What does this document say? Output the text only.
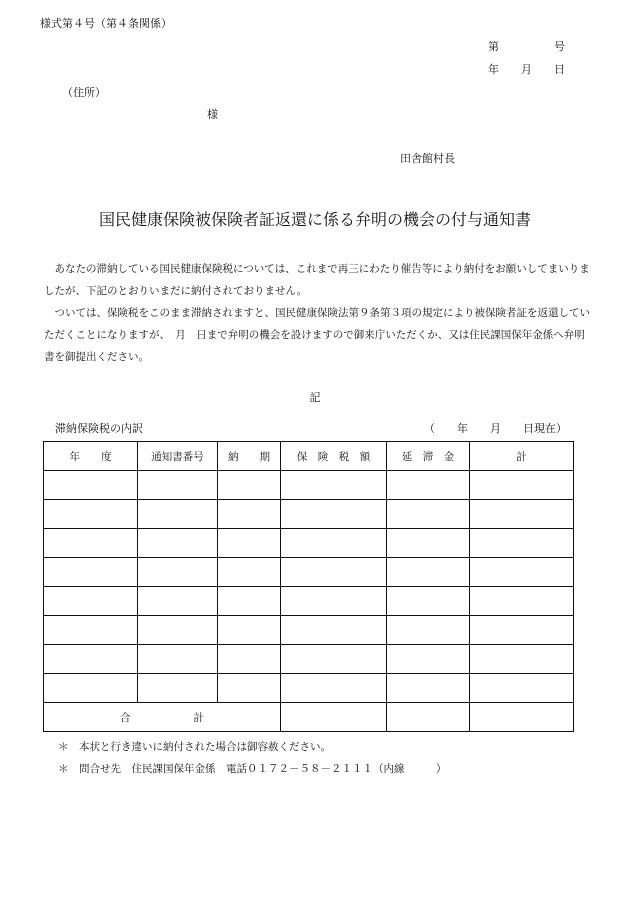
様式第４号（第４条関係）
第　　　　　号
年　　月　　日
（住所）
様
田舎館村長
国民健康保険被保険者証返還に係る弁明の機会の付与通知書
あなたの滞納している国民健康保険税については、これまで再三にわたり催告等により納付をお願いしてまいりましたが、下記のとおりいまだに納付されておりません。
ついては、保険税をこのまま滞納されますと、国民健康保険法第９条第３項の規定により被保険者証を返還していただくことになりますが、　月　日まで弁明の機会を設けますので御来庁いただくか、又は住民課国保年金係へ弁明書を御提出ください。
記
滞納保険税の内訳	（　　年　　月　　日現在）
年　　度	通知書番号	納　　期	保　険　税　額	延　滞　金	計

合　　　　　　計					
＊　本状と行き違いに納付された場合は御容赦ください。
＊　問合せ先　住民課国保年金係　電話０１７２－５８－２１１１（内線　　　）
